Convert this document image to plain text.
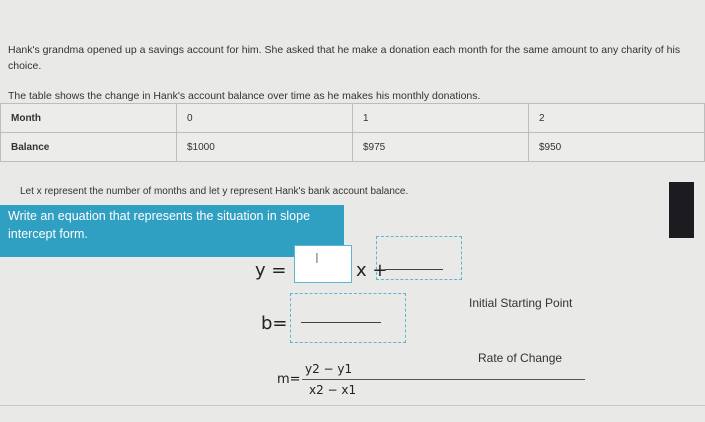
Hank's grandma opened up a savings account for him. She asked that he make a donation each month for the same amount to any charity of his choice.
The table shows the change in Hank's account balance over time as he makes his monthly donations.
Month	0	1	2
Balance	$1000	$975	$950
Let x represent the number of months and let y represent Hank's bank account balance.
Write an equation that represents the situation in slope intercept form.
y =
I
x +
b=
Initial Starting Point
m=
y2 − y1
x2 − x1
Rate of Change
